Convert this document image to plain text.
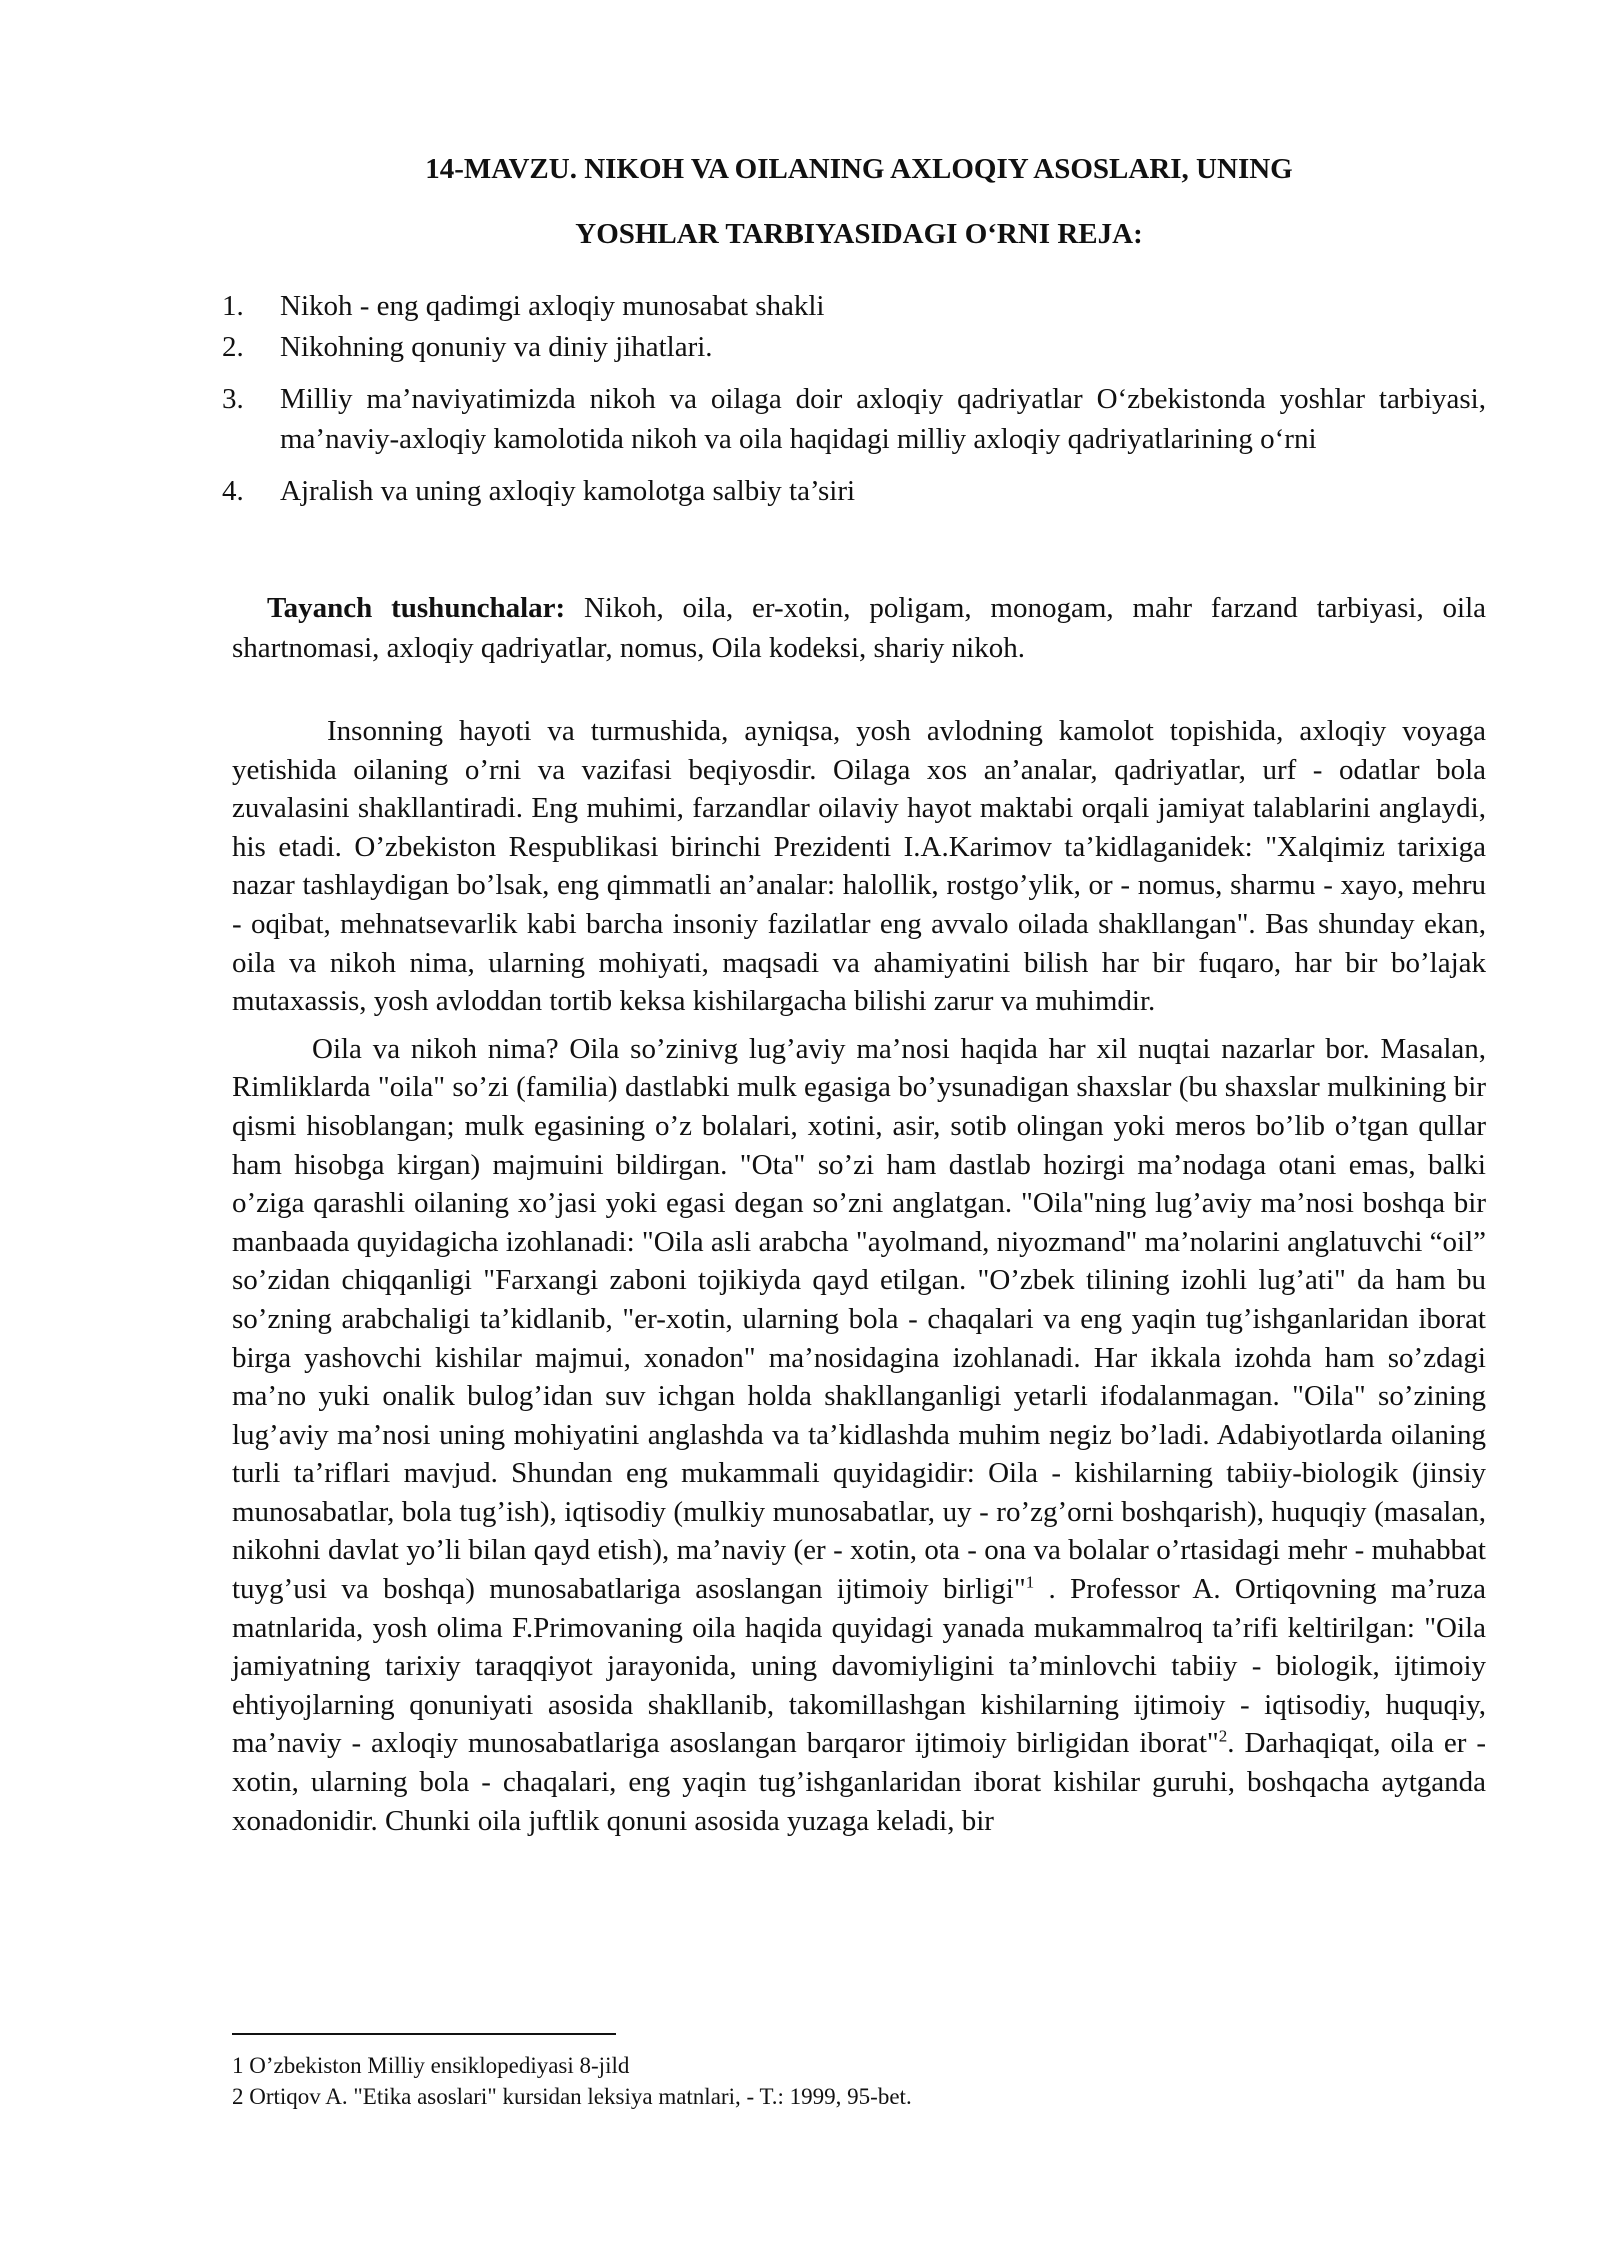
14-MAVZU. NIKOH VA OILANING AXLOQIY ASOSLARI, UNING
YOSHLAR TARBIYASIDAGI O‘RNI REJA:
1. Nikoh - eng qadimgi axloqiy munosabat shakli
2. Nikohning qonuniy va diniy jihatlari.
3. Milliy ma’naviyatimizda nikoh va oilaga doir axloqiy qadriyatlar O‘zbekistonda yoshlar tarbiyasi, ma’naviy-axloqiy kamolotida nikoh va oila haqidagi milliy axloqiy qadriyatlarining o‘rni
4. Ajralish va uning axloqiy kamolotga salbiy ta’siri

Tayanch tushunchalar: Nikoh, oila, er-xotin, poligam, monogam, mahr farzand tarbiyasi, oila shartnomasi, axloqiy qadriyatlar, nomus, Oila kodeksi, shariy nikoh.

Insonning hayoti va turmushida, ayniqsa, yosh avlodning kamolot topishida, axloqiy voyaga yetishida oilaning o’rni va vazifasi beqiyosdir. Oilaga xos an’analar, qadriyatlar, urf - odatlar bola zuvalasini shakllantiradi. Eng muhimi, farzandlar oilaviy hayot maktabi orqali jamiyat talablarini anglaydi, his etadi. O’zbekiston Respublikasi birinchi Prezidenti I.A.Karimov ta’kidlaganidek: "Xalqimiz tarixiga nazar tashlaydigan bo’lsak, eng qimmatli an’analar: halollik, rostgo’ylik, or - nomus, sharmu - xayo, mehru - oqibat, mehnatsevarlik kabi barcha insoniy fazilatlar eng avvalo oilada shakllangan". Bas shunday ekan, oila va nikoh nima, ularning mohiyati, maqsadi va ahamiyatini bilish har bir fuqaro, har bir bo’lajak mutaxassis, yosh avloddan tortib keksa kishilargacha bilishi zarur va muhimdir.

Oila va nikoh nima? Oila so’zinivg lug’aviy ma’nosi haqida har xil nuqtai nazarlar bor. Masalan, Rimliklarda "oila" so’zi (familia) dastlabki mulk egasiga bo’ysunadigan shaxslar (bu shaxslar mulkining bir qismi hisoblangan; mulk egasining o’z bolalari, xotini, asir, sotib olingan yoki meros bo’lib o’tgan qullar ham hisobga kirgan) majmuini bildirgan. "Ota" so’zi ham dastlab hozirgi ma’nodaga otani emas, balki o’ziga qarashli oilaning xo’jasi yoki egasi degan so’zni anglatgan. "Oila"ning lug’aviy ma’nosi boshqa bir manbaada quyidagicha izohlanadi: "Oila asli arabcha "ayolmand, niyozmand" ma’nolarini anglatuvchi “oil” so’zidan chiqqanligi "Farxangi zaboni tojikiyda qayd etilgan. "O’zbek tilining izohli lug’ati" da ham bu so’zning arabchaligi ta’kidlanib, "er-xotin, ularning bola - chaqalari va eng yaqin tug’ishganlaridan iborat birga yashovchi kishilar majmui, xonadon" ma’nosidagina izohlanadi. Har ikkala izohda ham so’zdagi ma’no yuki onalik bulog’idan suv ichgan holda shakllanganligi yetarli ifodalanmagan. "Oila" so’zining lug’aviy ma’nosi uning mohiyatini anglashda va ta’kidlashda muhim negiz bo’ladi. Adabiyotlarda oilaning turli ta’riflari mavjud. Shundan eng mukammali quyidagidir: Oila - kishilarning tabiiy-biologik (jinsiy munosabatlar, bola tug’ish), iqtisodiy (mulkiy munosabatlar, uy - ro’zg’orni boshqarish), huquqiy (masalan, nikohni davlat yo’li bilan qayd etish), ma’naviy (er - xotin, ota - ona va bolalar o’rtasidagi mehr - muhabbat tuyg’usi va boshqa) munosabatlariga asoslangan ijtimoiy birligi"$^1$ . Professor A. Ortiqovning ma’ruza matnlarida, yosh olima F.Primovaning oila haqida quyidagi yanada mukammalroq ta’rifi keltirilgan: "Oila jamiyatning tarixiy taraqqiyot jarayonida, uning davomiyligini ta’minlovchi tabiiy - biologik, ijtimoiy ehtiyojlarning qonuniyati asosida shakllanib, takomillashgan kishilarning ijtimoiy - iqtisodiy, huquqiy, ma’naviy - axloqiy munosabatlariga asoslangan barqaror ijtimoiy birligidan iborat"$^2$. Darhaqiqat, oila er - xotin, ularning bola - chaqalari, eng yaqin tug’ishganlaridan iborat kishilar guruhi, boshqacha aytganda xonadonidir. Chunki oila juftlik qonuni asosida yuzaga keladi, bir

1 O’zbekiston Milliy ensiklopediyasi 8-jild

2 Ortiqov A. "Etika asoslari" kursidan leksiya matnlari, - T.: 1999, 95-bet.
